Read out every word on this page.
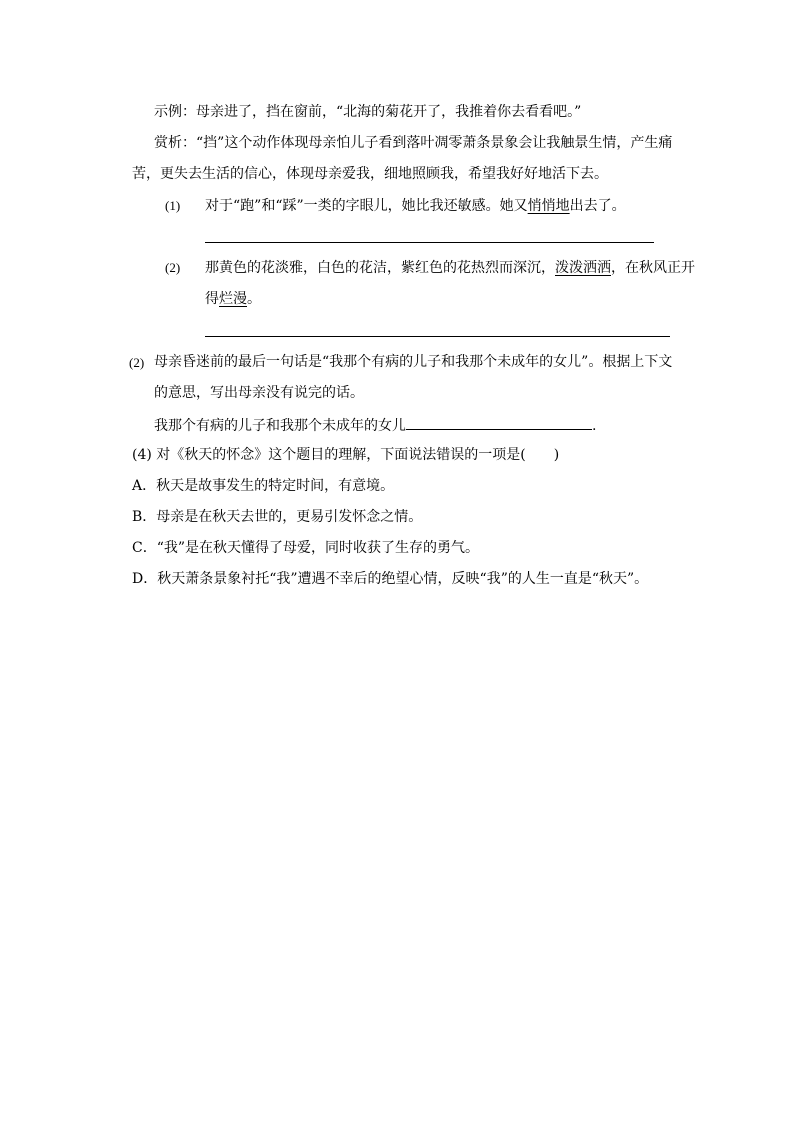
示例：母亲进了，挡在窗前，“北海的菊花开了，我推着你去看看吧。”
赏析：“挡”这个动作体现母亲怕儿子看到落叶凋零萧条景象会让我触景生情，产生痛
苦，更失去生活的信心，体现母亲爱我，细地照顾我，希望我好好地活下去。
(1) 对于“跑”和“踩”一类的字眼儿，她比我还敏感。她又悄悄地出去了。
(2) 那黄色的花淡雅，白色的花洁，紫红色的花热烈而深沉，泼泼洒洒，在秋风正开
得烂漫。
(2) 母亲昏迷前的最后一句话是“我那个有病的儿子和我那个未成年的女儿”。根据上下文
的意思，写出母亲没有说完的话。
我那个有病的儿子和我那个未成年的女儿	.
(4) 对《秋天的怀念》这个题目的理解，下面说法错误的一项是(　　)
A．秋天是故事发生的特定时间，有意境。
B．母亲是在秋天去世的，更易引发怀念之情。
C．“我”是在秋天懂得了母爱，同时收获了生存的勇气。
D．秋天萧条景象衬托“我”遭遇不幸后的绝望心情，反映“我”的人生一直是“秋天”。
